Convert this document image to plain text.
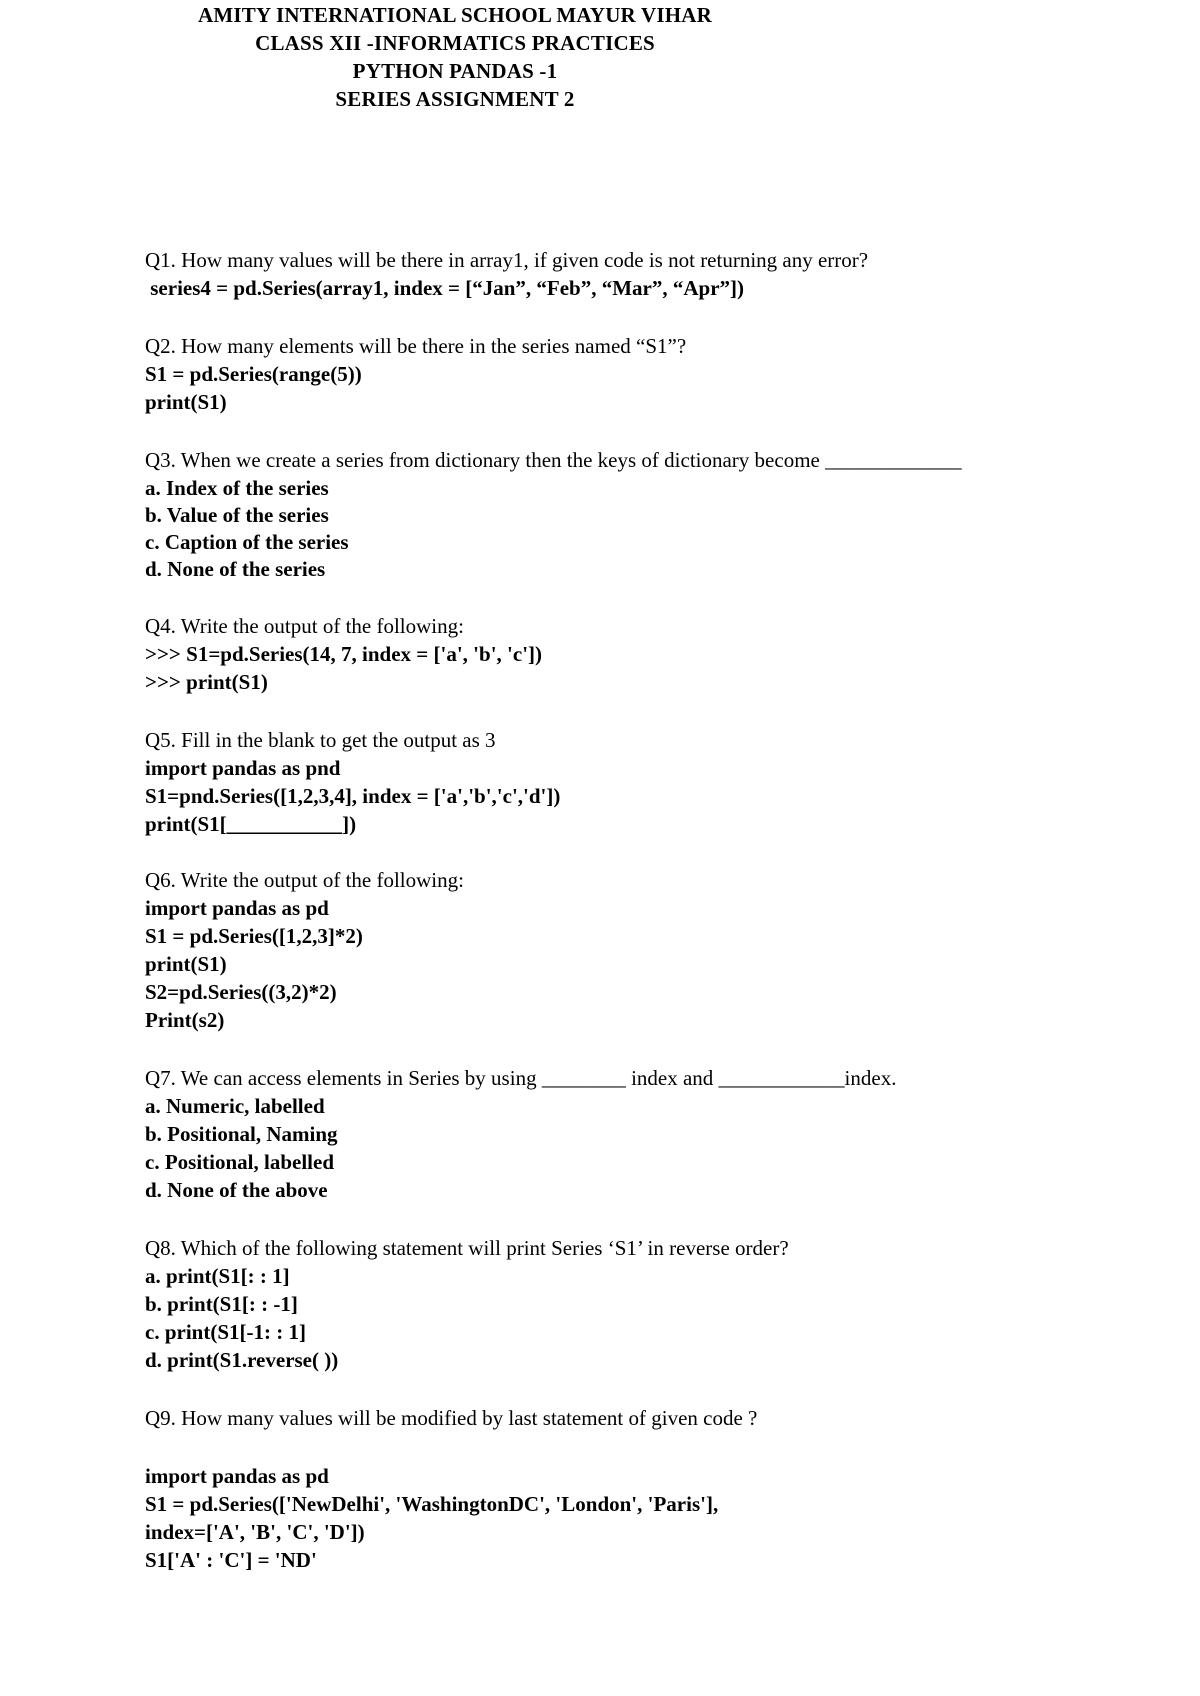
AMITY INTERNATIONAL SCHOOL MAYUR VIHAR
CLASS XII -INFORMATICS PRACTICES
PYTHON PANDAS -1
SERIES ASSIGNMENT 2
Q1. How many values will be there in array1, if given code is not returning any error?
series4 = pd.Series(array1, index = [“Jan”, “Feb”, “Mar”, “Apr”])
Q2. How many elements will be there in the series named “S1”?
S1 = pd.Series(range(5))
print(S1)
Q3. When we create a series from dictionary then the keys of dictionary become _____________
a. Index of the series
b. Value of the series
c. Caption of the series
d. None of the series
Q4. Write the output of the following:
>>> S1=pd.Series(14, 7, index = ['a', 'b', 'c'])
>>> print(S1)
Q5. Fill in the blank to get the output as 3
import pandas as pnd
S1=pnd.Series([1,2,3,4], index = ['a','b','c','d'])
print(S1[___________])
Q6. Write the output of the following:
import pandas as pd
S1 = pd.Series([1,2,3]*2)
print(S1)
S2=pd.Series((3,2)*2)
Print(s2)
Q7. We can access elements in Series by using ________ index and ____________index.
a. Numeric, labelled
b. Positional, Naming
c. Positional, labelled
d. None of the above
Q8. Which of the following statement will print Series ‘S1’ in reverse order?
a. print(S1[: : 1]
b. print(S1[: : -1]
c. print(S1[-1: : 1]
d. print(S1.reverse( ))
Q9. How many values will be modified by last statement of given code ?
import pandas as pd
S1 = pd.Series(['NewDelhi', 'WashingtonDC', 'London', 'Paris'],
index=['A', 'B', 'C', 'D'])
S1['A' : 'C'] = 'ND'
